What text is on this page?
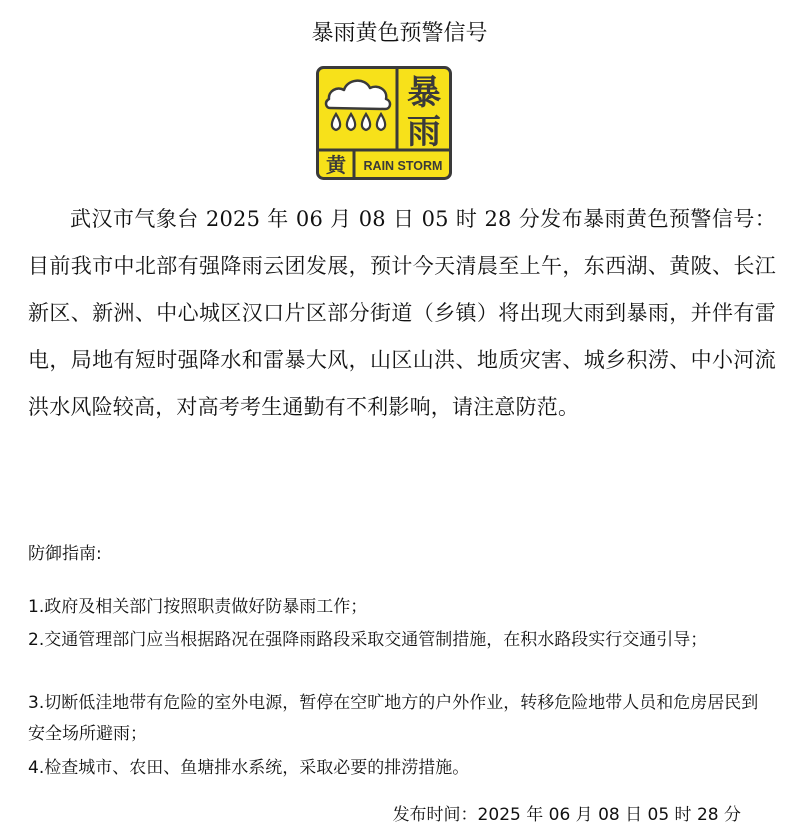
暴雨黄色预警信号
暴
雨
黄 RAIN STORM

武汉市气象台 2025 年 06 月 08 日 05 时 28 分发布暴雨黄色预警信号：目前我市中北部有强降雨云团发展，预计今天清晨至上午，东西湖、黄陂、长江新区、新洲、中心城区汉口片区部分街道（乡镇）将出现大雨到暴雨，并伴有雷电，局地有短时强降水和雷暴大风，山区山洪、地质灾害、城乡积涝、中小河流洪水风险较高，对高考考生通勤有不利影响，请注意防范。

防御指南:
1.政府及相关部门按照职责做好防暴雨工作；
2.交通管理部门应当根据路况在强降雨路段采取交通管制措施，在积水路段实行交通引导；
3.切断低洼地带有危险的室外电源，暂停在空旷地方的户外作业，转移危险地带人员和危房居民到安全场所避雨；
4.检查城市、农田、鱼塘排水系统，采取必要的排涝措施。
发布时间：2025 年 06 月 08 日 05 时 28 分
